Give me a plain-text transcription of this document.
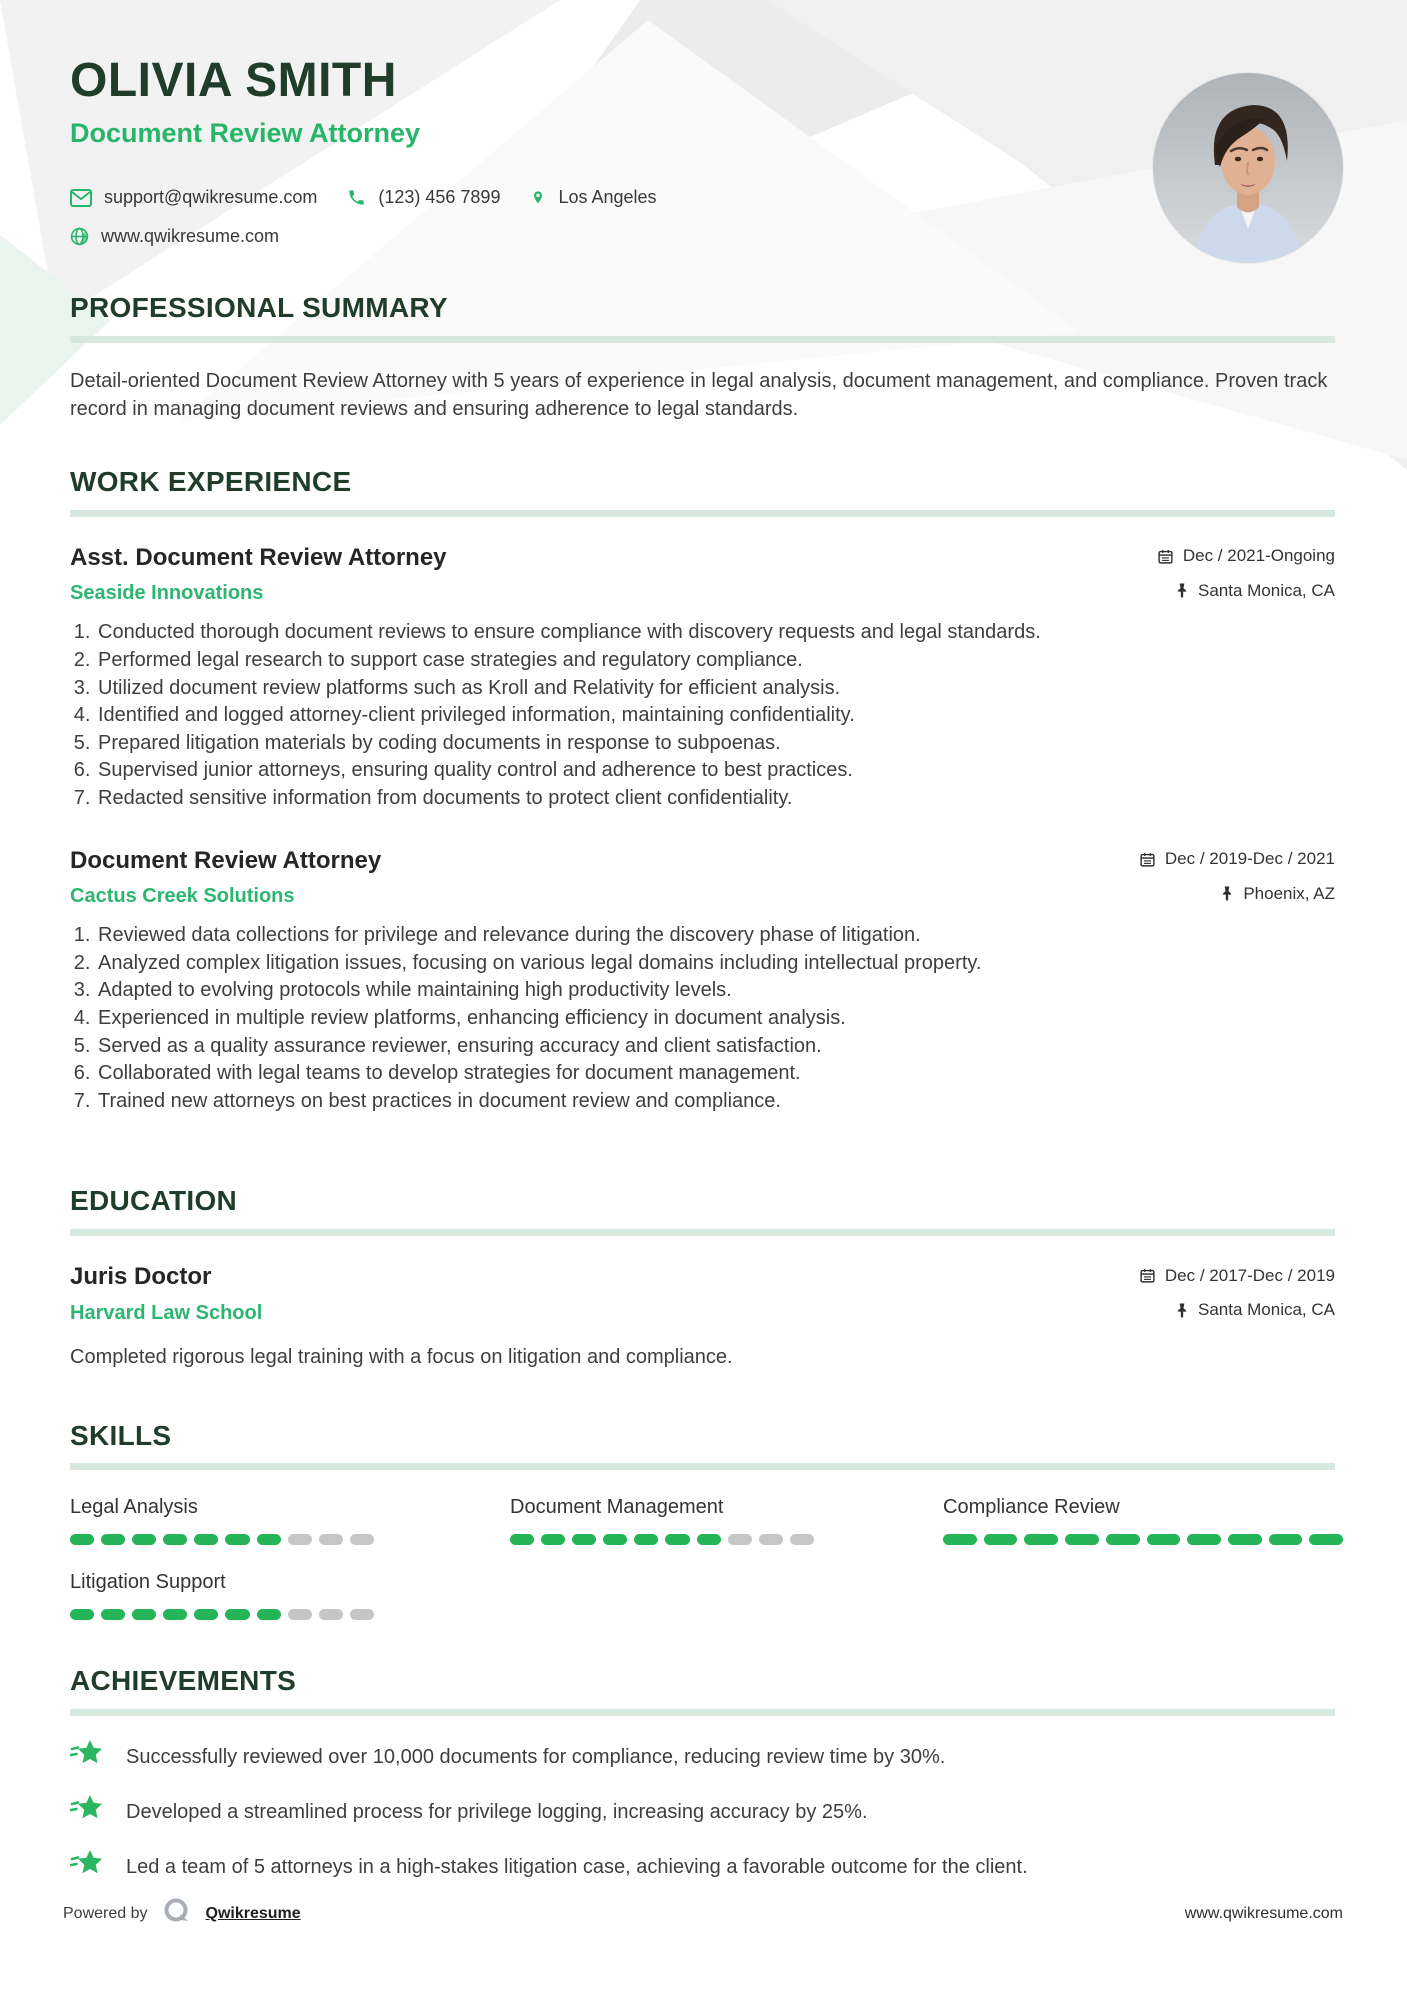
OLIVIA SMITH
Document Review Attorney
support@qwikresume.com	(123) 456 7899	Los Angeles
www.qwikresume.com
PROFESSIONAL SUMMARY

Detail-oriented Document Review Attorney with 5 years of experience in legal analysis, document management, and compliance. Proven track record in managing document reviews and ensuring adherence to legal standards.

WORK EXPERIENCE
Asst. Document Review Attorney	Dec / 2021-Ongoing
Seaside Innovations	Santa Monica, CA
1. Conducted thorough document reviews to ensure compliance with discovery requests and legal standards.
2. Performed legal research to support case strategies and regulatory compliance.
3. Utilized document review platforms such as Kroll and Relativity for efficient analysis.
4. Identified and logged attorney-client privileged information, maintaining confidentiality.
5. Prepared litigation materials by coding documents in response to subpoenas.
6. Supervised junior attorneys, ensuring quality control and adherence to best practices.
7. Redacted sensitive information from documents to protect client confidentiality.
Document Review Attorney	Dec / 2019-Dec / 2021
Cactus Creek Solutions	Phoenix, AZ
1. Reviewed data collections for privilege and relevance during the discovery phase of litigation.
2. Analyzed complex litigation issues, focusing on various legal domains including intellectual property.
3. Adapted to evolving protocols while maintaining high productivity levels.
4. Experienced in multiple review platforms, enhancing efficiency in document analysis.
5. Served as a quality assurance reviewer, ensuring accuracy and client satisfaction.
6. Collaborated with legal teams to develop strategies for document management.
7. Trained new attorneys on best practices in document review and compliance.
EDUCATION
Juris Doctor	Dec / 2017-Dec / 2019
Harvard Law School	Santa Monica, CA

Completed rigorous legal training with a focus on litigation and compliance.

SKILLS
Legal Analysis	Document Management	Compliance Review
Litigation Support
ACHIEVEMENTS
Successfully reviewed over 10,000 documents for compliance, reducing review time by 30%.
Developed a streamlined process for privilege logging, increasing accuracy by 25%.
Led a team of 5 attorneys in a high-stakes litigation case, achieving a favorable outcome for the client.
Powered by	Qwikresume	www.qwikresume.com
